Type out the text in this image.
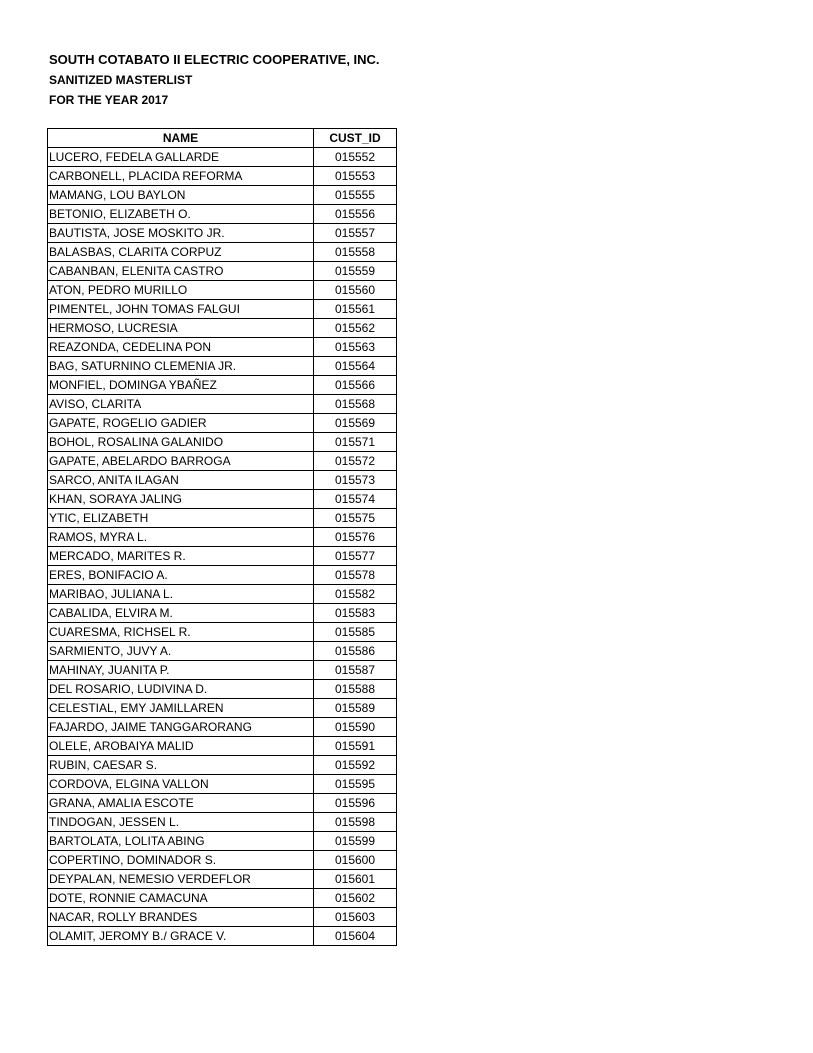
SOUTH COTABATO II ELECTRIC COOPERATIVE, INC.
SANITIZED MASTERLIST
FOR THE YEAR 2017
NAME	CUST_ID
LUCERO, FEDELA GALLARDE	015552
CARBONELL, PLACIDA REFORMA	015553
MAMANG, LOU BAYLON	015555
BETONIO, ELIZABETH O.	015556
BAUTISTA, JOSE MOSKITO JR.	015557
BALASBAS, CLARITA CORPUZ	015558
CABANBAN, ELENITA CASTRO	015559
ATON, PEDRO MURILLO	015560
PIMENTEL, JOHN TOMAS FALGUI	015561
HERMOSO, LUCRESIA	015562
REAZONDA, CEDELINA PON	015563
BAG, SATURNINO CLEMENIA JR.	015564
MONFIEL, DOMINGA YBAÑEZ	015566
AVISO, CLARITA	015568
GAPATE, ROGELIO GADIER	015569
BOHOL, ROSALINA GALANIDO	015571
GAPATE, ABELARDO BARROGA	015572
SARCO, ANITA ILAGAN	015573
KHAN, SORAYA JALING	015574
YTIC, ELIZABETH	015575
RAMOS, MYRA L.	015576
MERCADO, MARITES R.	015577
ERES, BONIFACIO A.	015578
MARIBAO, JULIANA L.	015582
CABALIDA, ELVIRA M.	015583
CUARESMA, RICHSEL R.	015585
SARMIENTO, JUVY A.	015586
MAHINAY, JUANITA P.	015587
DEL ROSARIO, LUDIVINA D.	015588
CELESTIAL, EMY JAMILLAREN	015589
FAJARDO, JAIME TANGGARORANG	015590
OLELE, AROBAIYA MALID	015591
RUBIN, CAESAR S.	015592
CORDOVA, ELGINA VALLON	015595
GRANA, AMALIA ESCOTE	015596
TINDOGAN, JESSEN L.	015598
BARTOLATA, LOLITA ABING	015599
COPERTINO, DOMINADOR S.	015600
DEYPALAN, NEMESIO VERDEFLOR	015601
DOTE, RONNIE CAMACUNA	015602
NACAR, ROLLY BRANDES	015603
OLAMIT, JEROMY B./ GRACE V.	015604
